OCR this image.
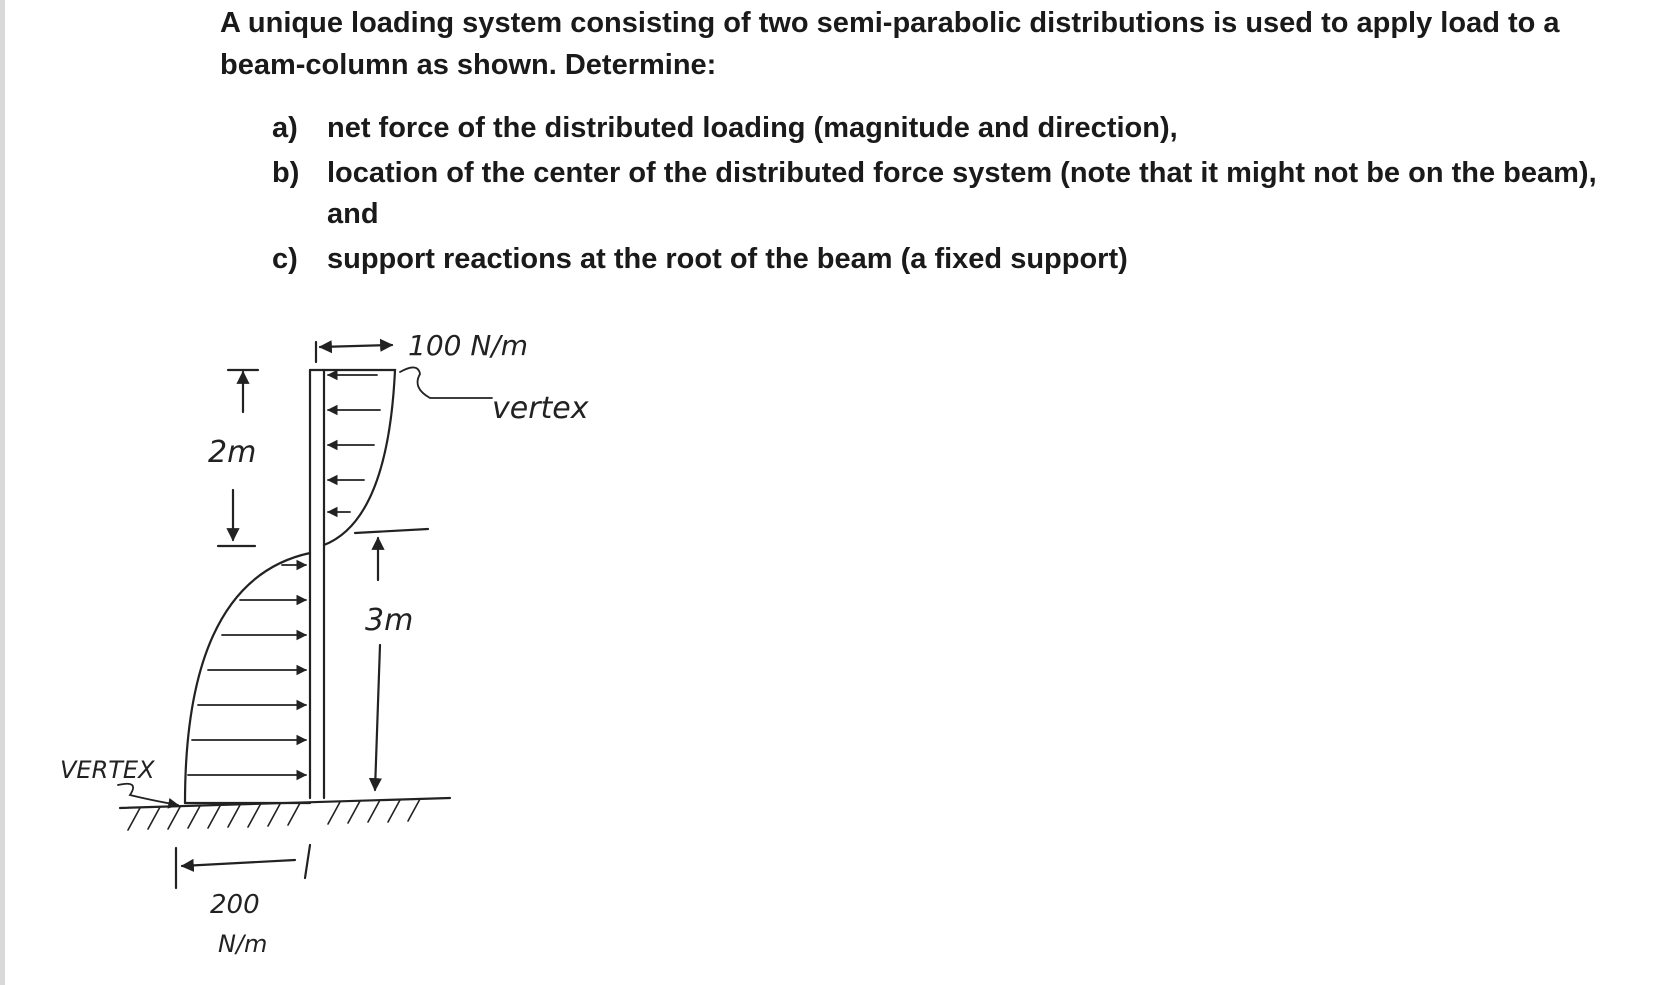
A unique loading system consisting of two semi-parabolic distributions is used to apply load to a beam-column as shown. Determine:

a)	net force of the distributed loading (magnitude and direction),
b) location of the center of the distributed force system (note that it might not be on the beam), and
c)	support reactions at the root of the beam (a fixed support)
100 N/m
vertex
2m
3m
VERTEX
200
N/m
